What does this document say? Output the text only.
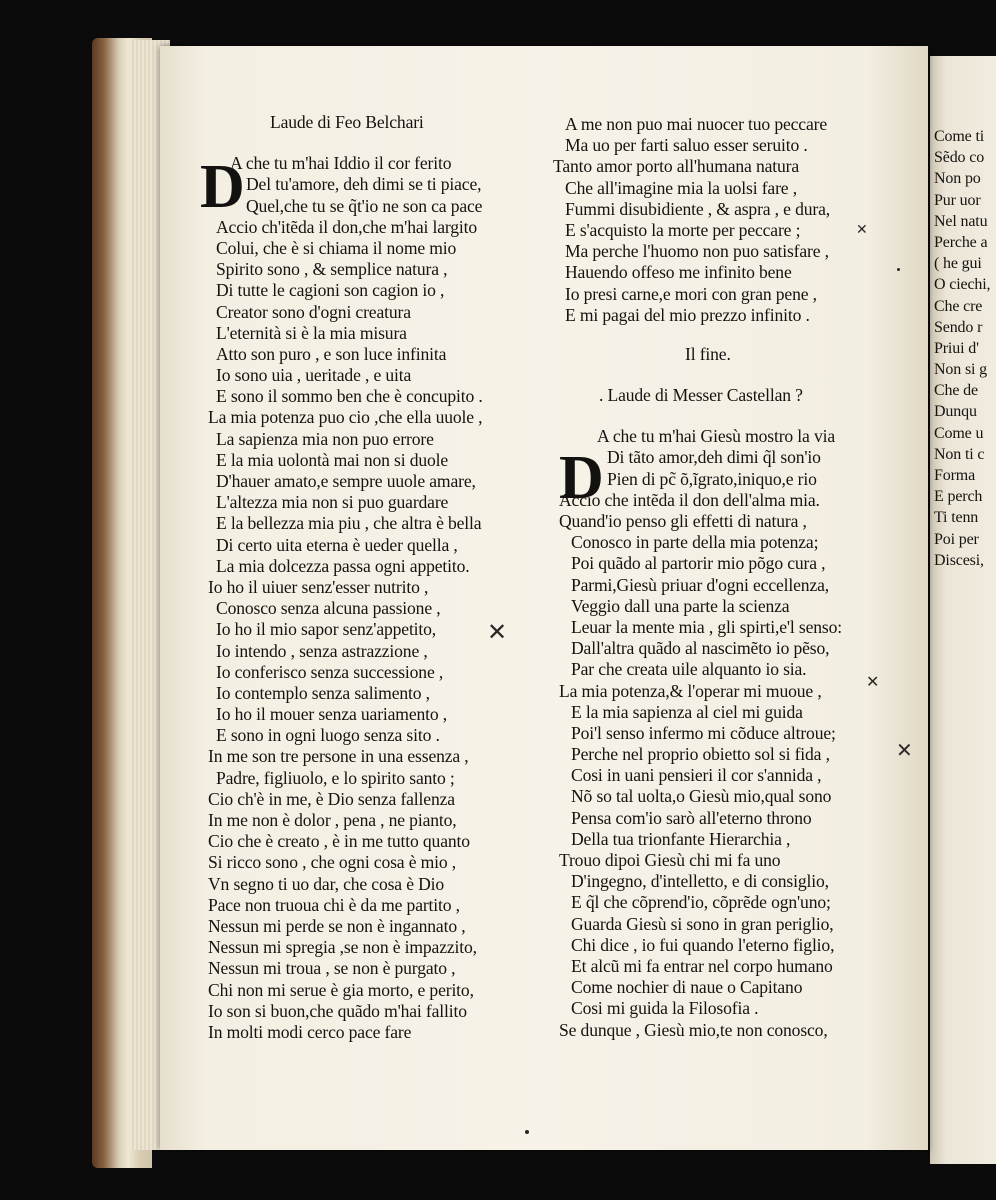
Laude di Feo Belchari
A che tu m'hai Iddio il cor ferito
Del tu'amore, deh dimi se ti piace,
Quel,che tu se q̃t'io ne son ca pace
Accio ch'itẽda il don,che m'hai largito
Colui, che è si chiama il nome mio
Spirito sono , & semplice natura ,
Di tutte le cagioni son cagion io ,
Creator sono d'ogni creatura
L'eternità si è la mia misura
Atto son puro , e son luce infinita
Io sono uia , ueritade , e uita
E sono il sommo ben che è concupito .
La mia potenza puo cio ,che ella uuole ,
La sapienza mia non puo errore
E la mia uolontà mai non si duole
D'hauer amato,e sempre uuole amare,
L'altezza mia non si puo guardare
E la bellezza mia piu , che altra è bella
Di certo uita eterna è ueder quella ,
La mia dolcezza passa ogni appetito.
Io ho il uiuer senz'esser nutrito ,
Conosco senza alcuna passione ,
Io ho il mio sapor senz'appetito,
Io intendo , senza astrazzione ,
Io conferisco senza successione ,
Io contemplo senza salimento ,
Io ho il mouer senza uariamento ,
E sono in ogni luogo senza sito .
In me son tre persone in una essenza ,
Padre, figliuolo, e lo spirito santo ;
Cio ch'è in me, è Dio senza fallenza
In me non è dolor , pena , ne pianto,
Cio che è creato , è in me tutto quanto
Si ricco sono , che ogni cosa è mio ,
Vn segno ti uo dar, che cosa è Dio
Pace non truoua chi è da me partito ,
Nessun mi perde se non è ingannato ,
Nessun mi spregia ,se non è impazzito,
Nessun mi troua , se non è purgato ,
Chi non mi serue è gia morto, e perito,
Io son si buon,che quãdo m'hai fallito
In molti modi cerco pace fare
D
A me non puo mai nuocer tuo peccare
Ma uo per farti saluo esser seruito .
Tanto amor porto all'humana natura
Che all'imagine mia la uolsi fare ,
Fummi disubidiente , & aspra , e dura,
E s'acquisto la morte per peccare ;
Ma perche l'huomo non puo satisfare ,
Hauendo offeso me infinito bene
Io presi carne,e mori con gran pene ,
E mi pagai del mio prezzo infinito .
Il fine.
. Laude di Messer Castellan ?
A che tu m'hai Giesù mostro la via
Di tãto amor,deh dimi q̃l son'io
Pien di pc̃ õ,ĩgrato,iniquo,e rio
Accio che intẽda il don dell'alma mia.
Quand'io penso gli effetti di natura ,
Conosco in parte della mia potenza;
Poi quãdo al partorir mio põgo cura ,
Parmi,Giesù priuar d'ogni eccellenza,
Veggio dall una parte la scienza
Leuar la mente mia , gli spirti,e'l senso:
Dall'altra quãdo al nascimẽto io pẽso,
Par che creata uile alquanto io sia.
La mia potenza,& l'operar mi muoue ,
E la mia sapienza al ciel mi guida
Poi'l senso infermo mi cõduce altroue;
Perche nel proprio obietto sol si fida ,
Cosi in uani pensieri il cor s'annida ,
Nõ so tal uolta,o Giesù mio,qual sono
Pensa com'io sarò all'eterno throno
Della tua trionfante Hierarchia ,
Trouo dipoi Giesù chi mi fa uno
D'ingegno, d'intelletto, e di consiglio,
E q̃l che cõprend'io, cõprẽde ogn'uno;
Guarda Giesù si sono in gran periglio,
Chi dice , io fui quando l'eterno figlio,
Et alcũ mi fa entrar nel corpo humano
Come nochier di naue o Capitano
Cosi mi guida la Filosofia .
Se dunque , Giesù mio,te non conosco,
D
Come ti
Sẽdo co
Non po
Pur uor
Nel natu
Perche a
( he gui
O ciechi,
Che cre
Sendo r
Priui d'
Non si g
Che de
Dunqu
Come u
Non ti c
Forma
E perch
Ti tenn
Poi per
Discesi,
✕
✕
✕
✕
